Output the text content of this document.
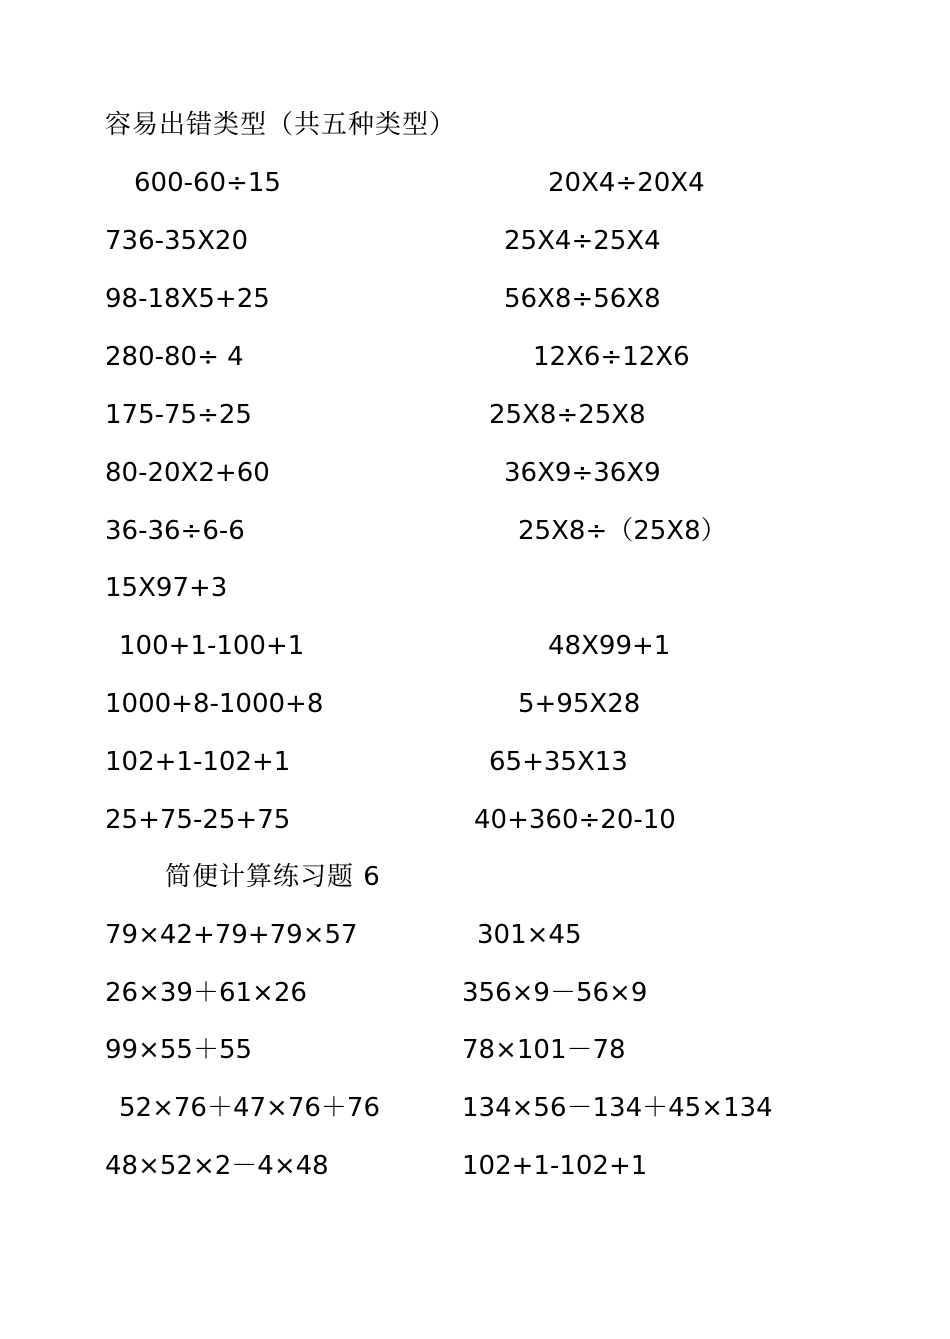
容易出错类型（共五种类型）
600-60÷15	20X4÷20X4
736-35X20	25X4÷25X4
98-18X5+25	56X8÷56X8
280-80÷ 4	12X6÷12X6
175-75÷25	25X8÷25X8
80-20X2+60	36X9÷36X9
36-36÷6-6	25X8÷（25X8）
15X97+3
100+1-100+1	48X99+1
1000+8-1000+8	5+95X28
102+1-102+1	65+35X13
25+75-25+75	40+360÷20-10
简便计算练习题 6
79×42+79+79×57	301×45
26×39＋61×26	356×9－56×9
99×55＋55	78×101－78
52×76＋47×76＋76	134×56－134＋45×134
48×52×2－4×48	102+1-102+1
